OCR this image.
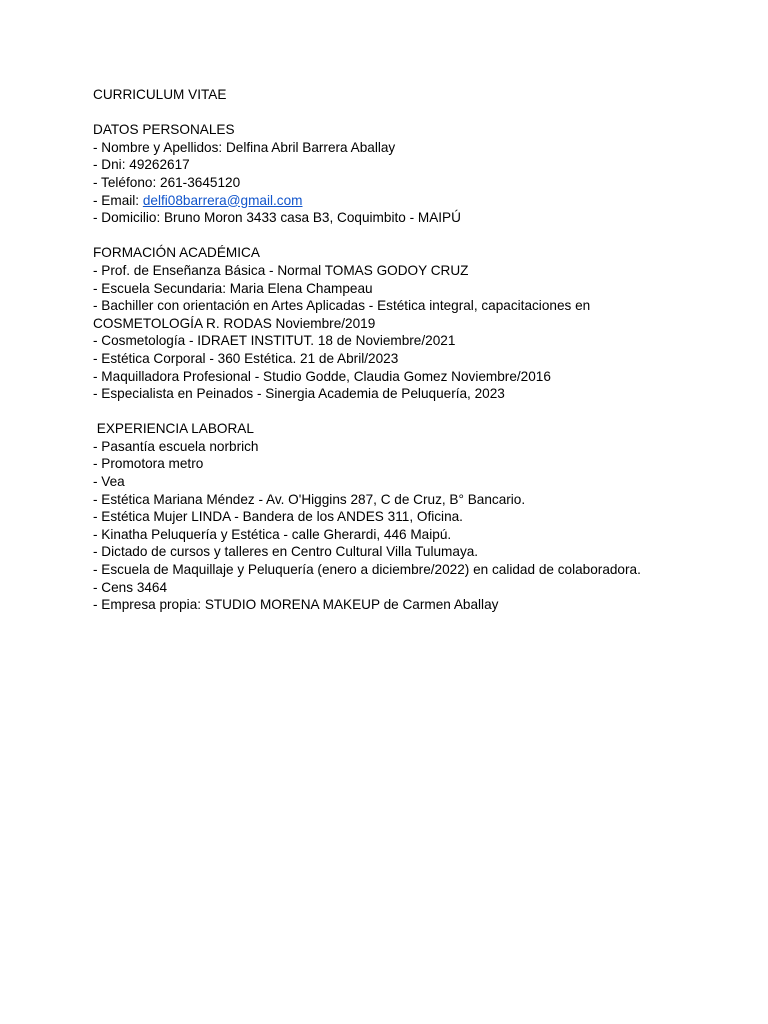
CURRICULUM VITAE
DATOS PERSONALES
- Nombre y Apellidos: Delfina Abril Barrera Aballay
- Dni: 49262617
- Teléfono: 261-3645120
- Email: delfi08barrera@gmail.com
- Domicilio: Bruno Moron 3433 casa B3, Coquimbito - MAIPÚ
FORMACIÓN ACADÉMICA
- Prof. de Enseñanza Básica - Normal TOMAS GODOY CRUZ
- Escuela Secundaria: Maria Elena Champeau
- Bachiller con orientación en Artes Aplicadas - Estética integral, capacitaciones en COSMETOLOGÍA R. RODAS Noviembre/2019
- Cosmetología - IDRAET INSTITUT. 18 de Noviembre/2021
- Estética Corporal - 360 Estética. 21 de Abril/2023
- Maquilladora Profesional - Studio Godde, Claudia Gomez Noviembre/2016
- Especialista en Peinados - Sinergia Academia de Peluquería, 2023
EXPERIENCIA LABORAL
- Pasantía escuela norbrich
- Promotora metro
- Vea
- Estética Mariana Méndez - Av. O'Higgins 287, C de Cruz, B° Bancario.
- Estética Mujer LINDA - Bandera de los ANDES 311, Oficina.
- Kinatha Peluquería y Estética - calle Gherardi, 446 Maipú.
- Dictado de cursos y talleres en Centro Cultural Villa Tulumaya.
- Escuela de Maquillaje y Peluquería (enero a diciembre/2022) en calidad de colaboradora.
- Cens 3464
- Empresa propia: STUDIO MORENA MAKEUP de Carmen Aballay
